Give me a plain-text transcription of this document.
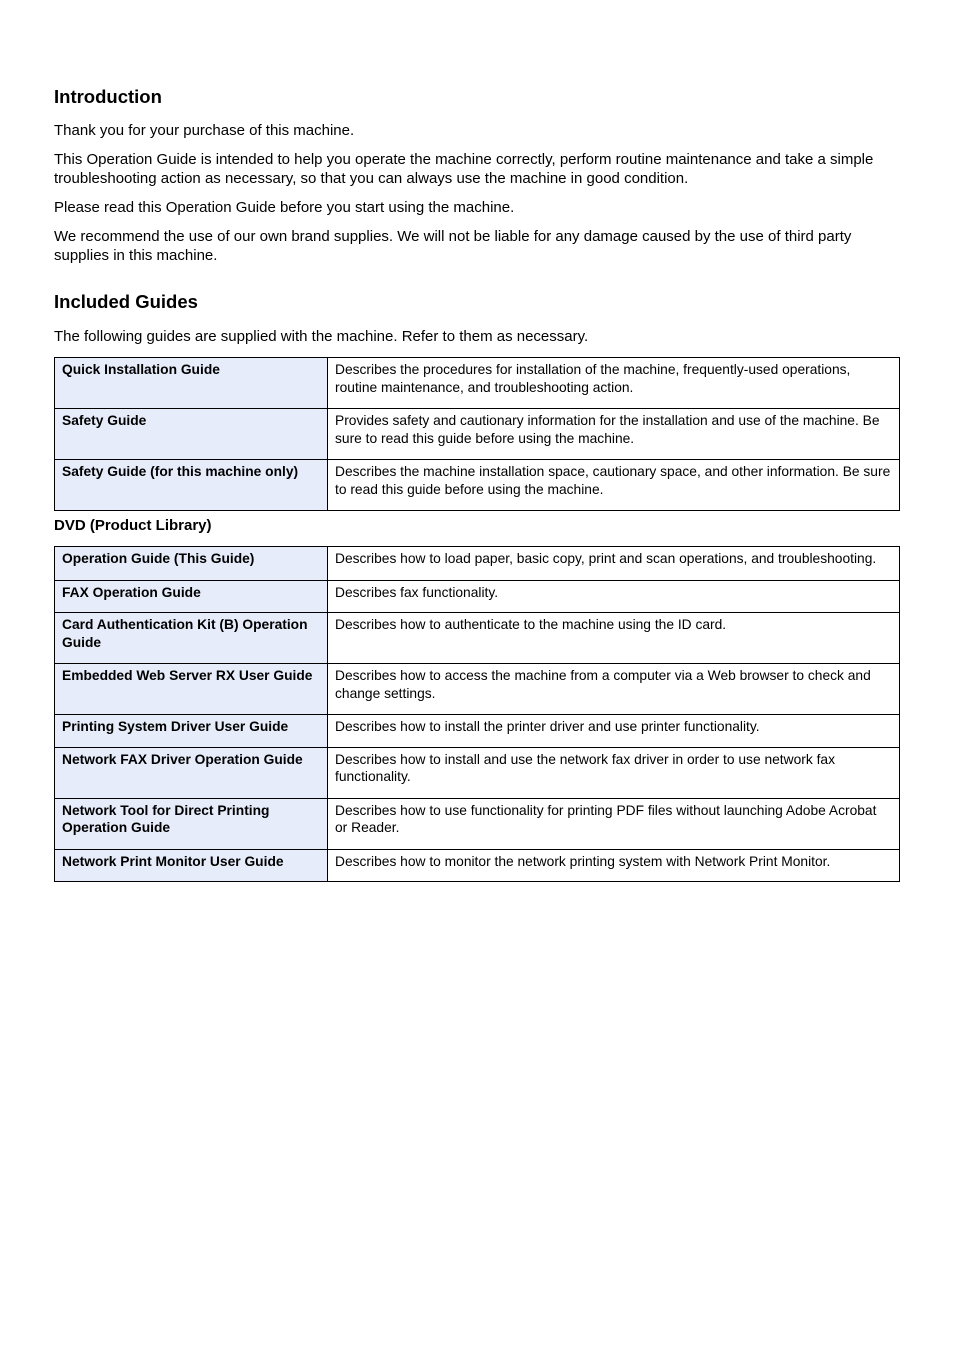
Introduction

Thank you for your purchase of this machine.

This Operation Guide is intended to help you operate the machine correctly, perform routine maintenance and take a simple troubleshooting action as necessary, so that you can always use the machine in good condition.

Please read this Operation Guide before you start using the machine.

We recommend the use of our own brand supplies. We will not be liable for any damage caused by the use of third party supplies in this machine.

Included Guides

The following guides are supplied with the machine. Refer to them as necessary.

Quick Installation Guide	Describes the procedures for installation of the machine, frequently-used operations, routine maintenance, and troubleshooting action.
Safety Guide	Provides safety and cautionary information for the installation and use of the machine. Be sure to read this guide before using the machine.
Safety Guide (for this machine only)	Describes the machine installation space, cautionary space, and other information. Be sure to read this guide before using the machine.
DVD (Product Library)
Operation Guide (This Guide)	Describes how to load paper, basic copy, print and scan operations, and troubleshooting.
FAX Operation Guide	Describes fax functionality.
Card Authentication Kit (B) Operation Guide	Describes how to authenticate to the machine using the ID card.
Embedded Web Server RX User Guide	Describes how to access the machine from a computer via a Web browser to check and change settings.
Printing System Driver User Guide	Describes how to install the printer driver and use printer functionality.
Network FAX Driver Operation Guide	Describes how to install and use the network fax driver in order to use network fax functionality.
Network Tool for Direct Printing Operation Guide	Describes how to use functionality for printing PDF files without launching Adobe Acrobat or Reader.
Network Print Monitor User Guide	Describes how to monitor the network printing system with Network Print Monitor.
